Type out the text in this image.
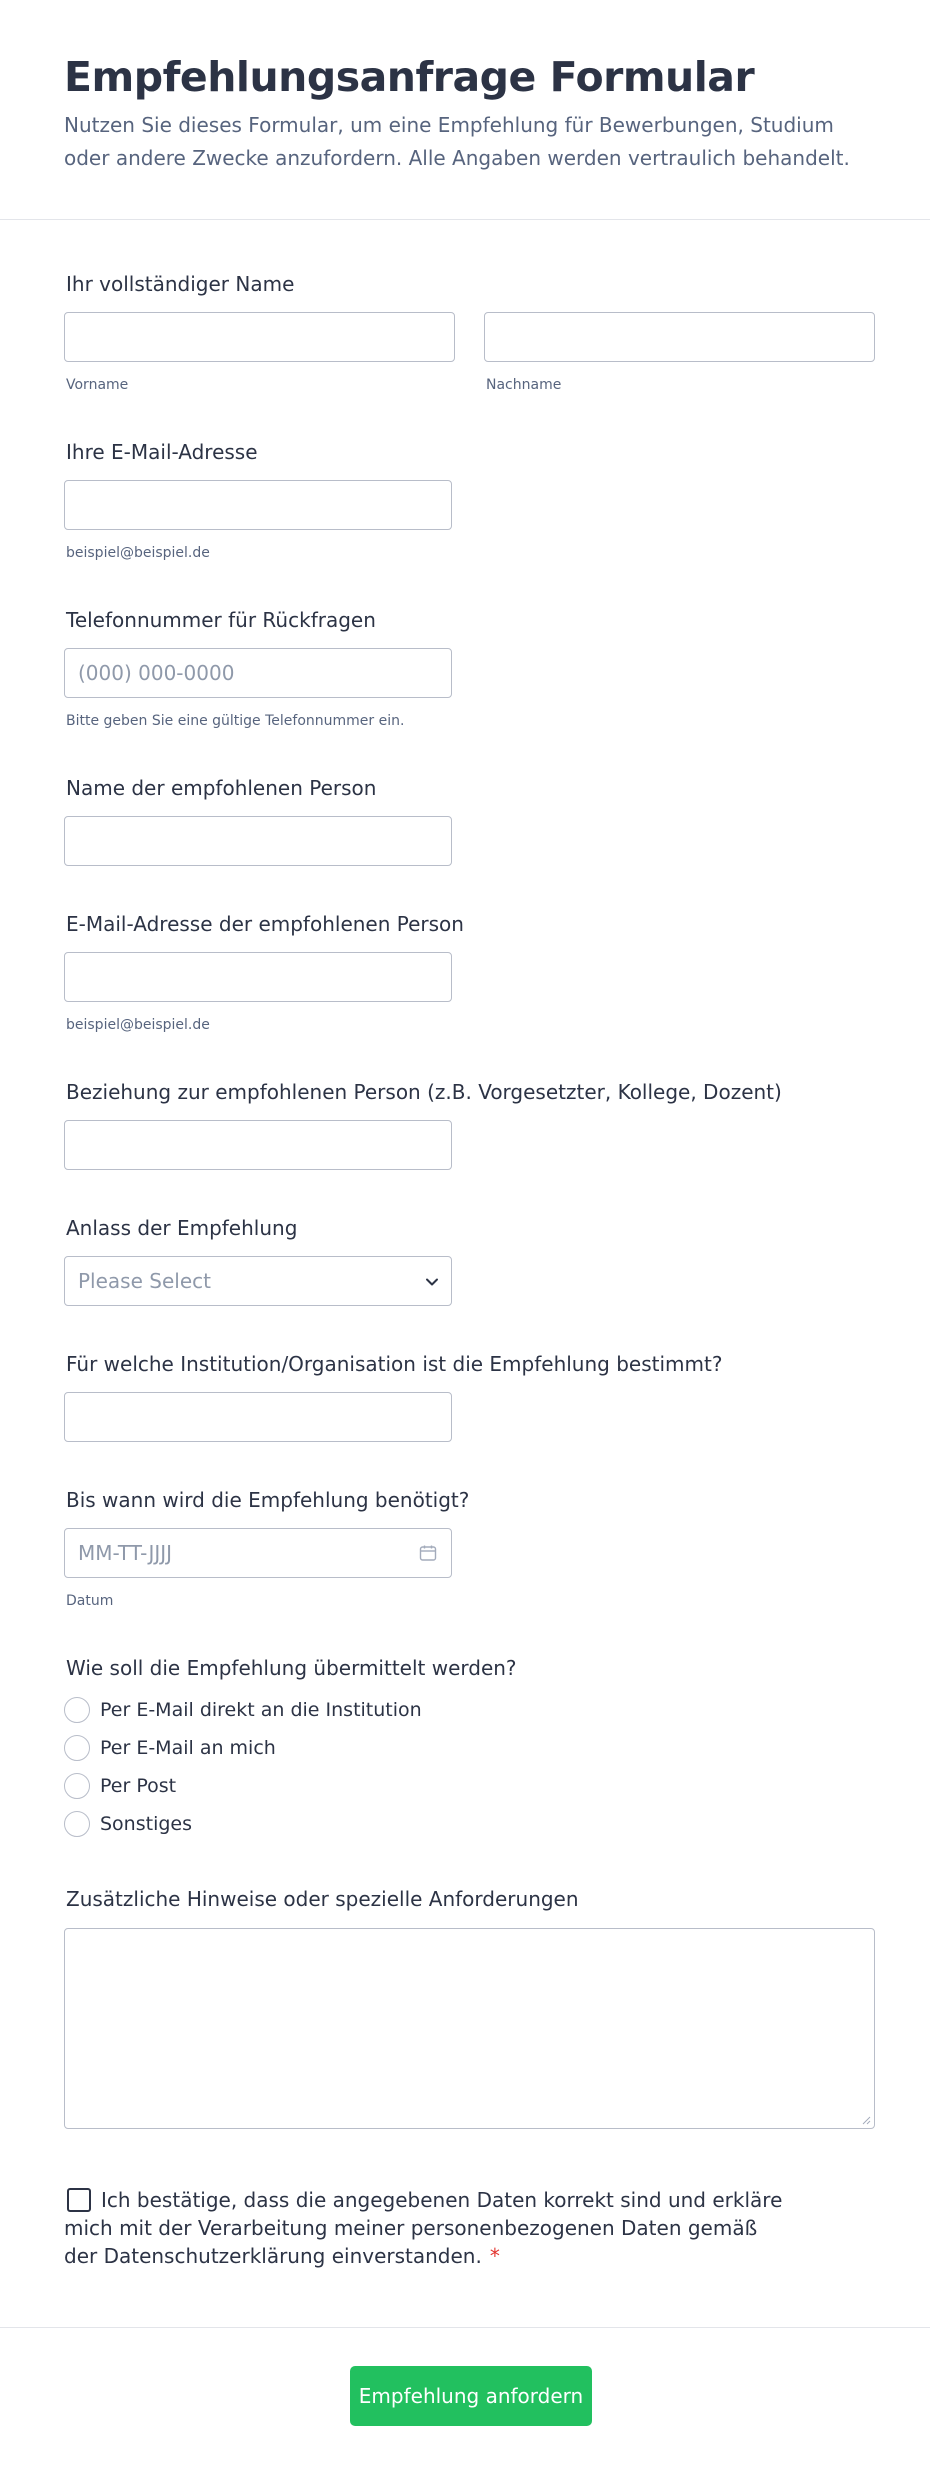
Empfehlungsanfrage Formular

Nutzen Sie dieses Formular, um eine Empfehlung für Bewerbungen, Studium oder andere Zwecke anzufordern. Alle Angaben werden vertraulich behandelt.

Ihr vollständiger Name
Vorname	Nachname
Ihre E-Mail-Adresse
beispiel@beispiel.de
Telefonnummer für Rückfragen
(000) 000-0000
Bitte geben Sie eine gültige Telefonnummer ein.
Name der empfohlenen Person
E-Mail-Adresse der empfohlenen Person
beispiel@beispiel.de
Beziehung zur empfohlenen Person (z.B. Vorgesetzter, Kollege, Dozent)
Anlass der Empfehlung
Please Select
Für welche Institution/Organisation ist die Empfehlung bestimmt?
Bis wann wird die Empfehlung benötigt?
MM-TT-JJJJ
Datum
Wie soll die Empfehlung übermittelt werden?
Per E-Mail direkt an die Institution
Per E-Mail an mich
Per Post
Sonstiges
Zusätzliche Hinweise oder spezielle Anforderungen
Ich bestätige, dass die angegebenen Daten korrekt sind und erkläre mich mit der Verarbeitung meiner personenbezogenen Daten gemäß der Datenschutzerklärung einverstanden. *
Empfehlung anfordern
